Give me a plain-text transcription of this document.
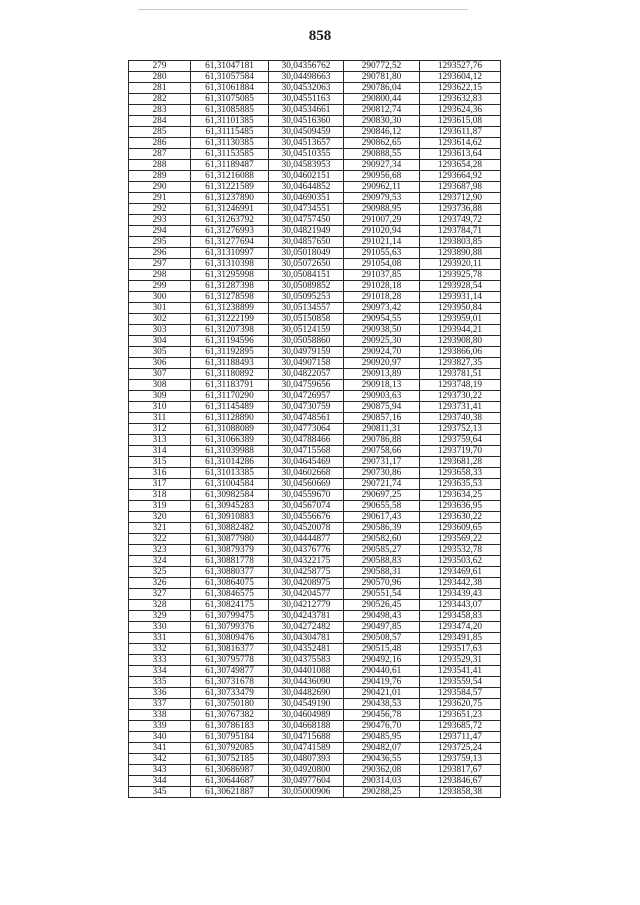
858
279	61,31047181	30,04356762	290772,52	1293527,76
280	61,31057584	30,04498663	290781,80	1293604,12
281	61,31061884	30,04532063	290786,04	1293622,15
282	61,31075085	30,04551163	290800,44	1293632,83
283	61,31085885	30,04534661	290812,74	1293624,36
284	61,31101385	30,04516360	290830,30	1293615,08
285	61,31115485	30,04509459	290846,12	1293611,87
286	61,31130385	30,04513657	290862,65	1293614,62
287	61,31153585	30,04510355	290888,55	1293613,64
288	61,31189487	30,04583953	290927,34	1293654,28
289	61,31216088	30,04602151	290956,68	1293664,92
290	61,31221589	30,04644852	290962,11	1293687,98
291	61,31237890	30,04690351	290979,53	1293712,90
292	61,31246991	30,04734551	290988,95	1293736,88
293	61,31263792	30,04757450	291007,29	1293749,72
294	61,31276993	30,04821949	291020,94	1293784,71
295	61,31277694	30,04857650	291021,14	1293803,85
296	61,31310997	30,05018049	291055,63	1293890,88
297	61,31310398	30,05072650	291054,08	1293920,11
298	61,31295998	30,05084151	291037,85	1293925,78
299	61,31287398	30,05089852	291028,18	1293928,54
300	61,31278598	30,05095253	291018,28	1293931,14
301	61,31238899	30,05134557	290973,42	1293950,84
302	61,31222199	30,05150858	290954,55	1293959,01
303	61,31207398	30,05124159	290938,50	1293944,21
304	61,31194596	30,05058860	290925,30	1293908,80
305	61,31192895	30,04979159	290924,70	1293866,06
306	61,31188493	30,04907158	290920,97	1293827,35
307	61,31180892	30,04822057	290913,89	1293781,51
308	61,31183791	30,04759656	290918,13	1293748,19
309	61,31170290	30,04726957	290903,63	1293730,22
310	61,31145489	30,04730759	290875,94	1293731,41
311	61,31128890	30,04748561	290857,16	1293740,38
312	61,31088089	30,04773064	290811,31	1293752,13
313	61,31066389	30,04788466	290786,88	1293759,64
314	61,31039988	30,04715568	290758,66	1293719,70
315	61,31014286	30,04645469	290731,17	1293681,28
316	61,31013385	30,04602668	290730,86	1293658,33
317	61,31004584	30,04560669	290721,74	1293635,53
318	61,30982584	30,04559670	290697,25	1293634,25
319	61,30945283	30,04567074	290655,58	1293636,95
320	61,30910883	30,04556676	290617,43	1293630,22
321	61,30882482	30,04520078	290586,39	1293609,65
322	61,30877980	30,04444877	290582,60	1293569,22
323	61,30879379	30,04376776	290585,27	1293532,78
324	61,30881778	30,04322175	290588,83	1293503,62
325	61,30880377	30,04258775	290588,31	1293469,61
326	61,30864075	30,04208975	290570,96	1293442,38
327	61,30846575	30,04204577	290551,54	1293439,43
328	61,30824175	30,04212779	290526,45	1293443,07
329	61,30799475	30,04243781	290498,43	1293458,83
330	61,30799376	30,04272482	290497,85	1293474,20
331	61,30809476	30,04304781	290508,57	1293491,85
332	61,30816377	30,04352481	290515,48	1293517,63
333	61,30795778	30,04375583	290492,16	1293529,31
334	61,30749877	30,04401088	290440,61	1293541,41
335	61,30731678	30,04436090	290419,76	1293559,54
336	61,30733479	30,04482690	290421,01	1293584,57
337	61,30750180	30,04549190	290438,53	1293620,75
338	61,30767382	30,04604989	290456,78	1293651,23
339	61,30786183	30,04668188	290476,70	1293685,72
340	61,30795184	30,04715688	290485,95	1293711,47
341	61,30792085	30,04741589	290482,07	1293725,24
342	61,30752185	30,04807393	290436,55	1293759,13
343	61,30686987	30,04920800	290362,08	1293817,67
344	61,30644687	30,04977604	290314,03	1293846,67
345	61,30621887	30,05000906	290288,25	1293858,38
